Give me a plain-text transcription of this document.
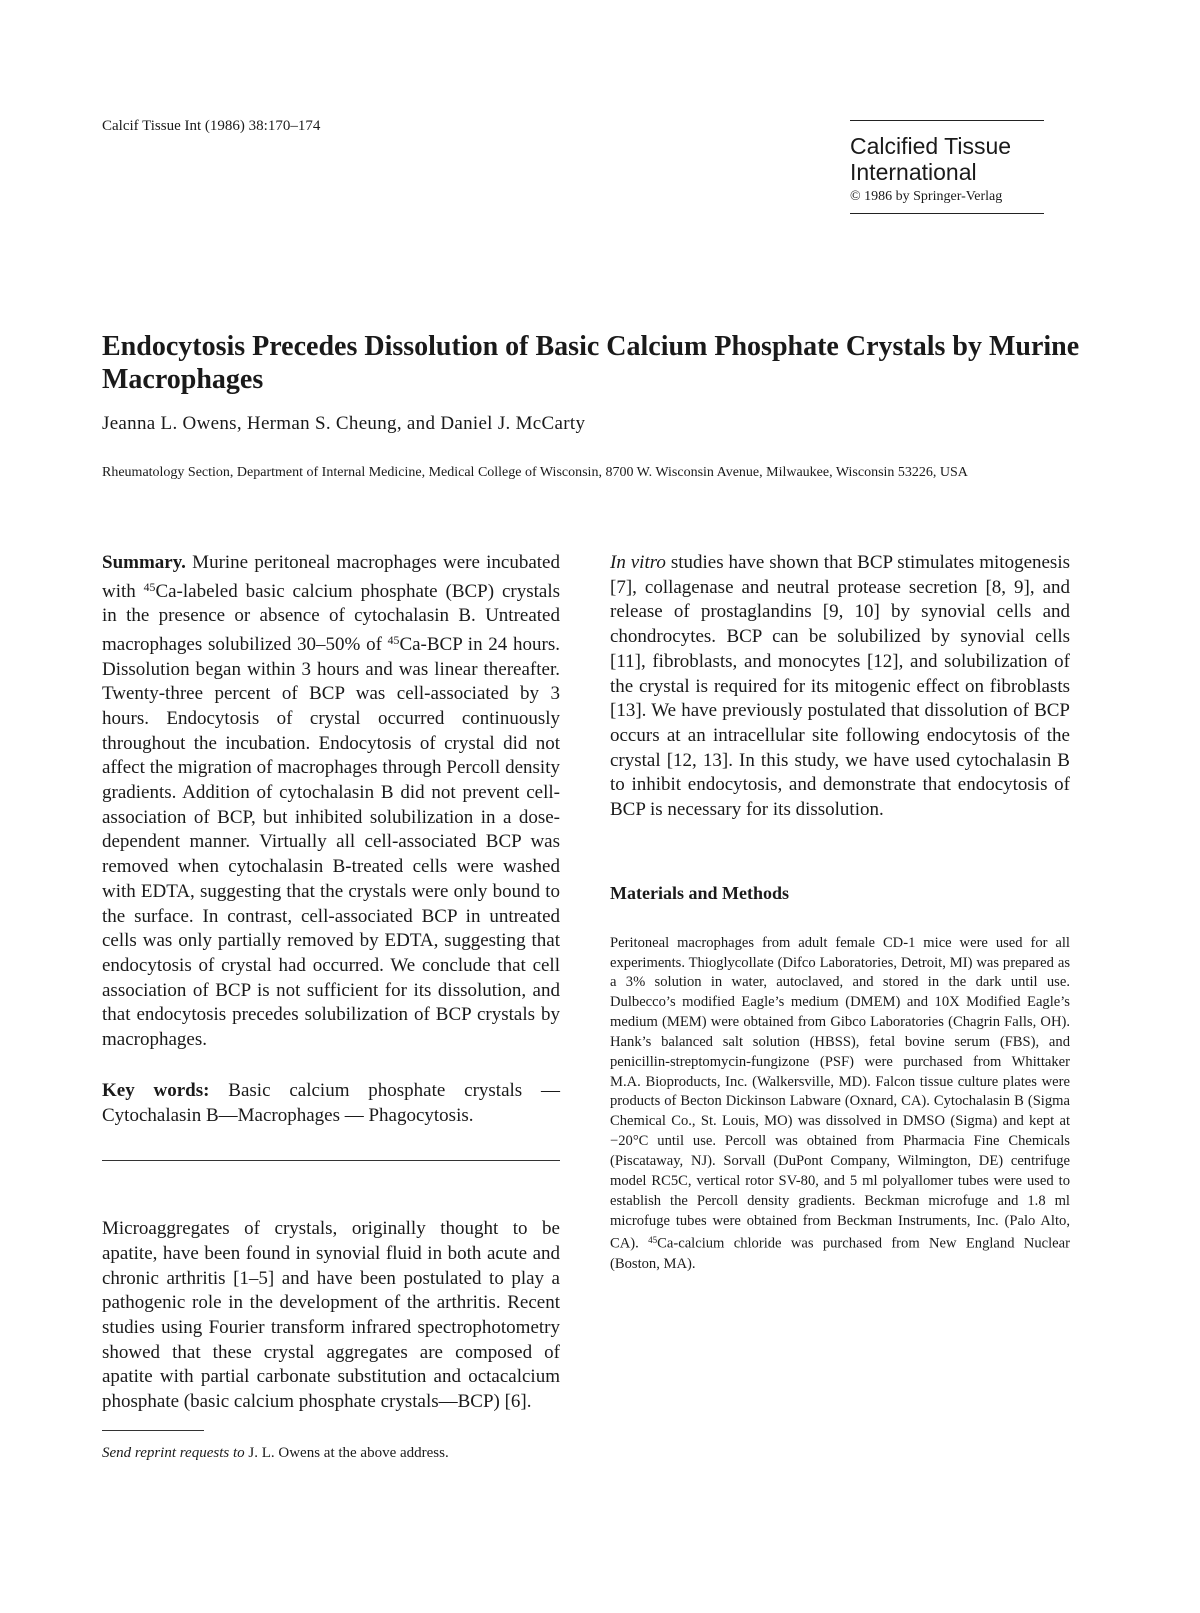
Calcif Tissue Int (1986) 38:170–174
Calcified Tissue
International
© 1986 by Springer-Verlag
Endocytosis Precedes Dissolution of Basic Calcium Phosphate Crystals by Murine Macrophages
Jeanna L. Owens, Herman S. Cheung, and Daniel J. McCarty
Rheumatology Section, Department of Internal Medicine, Medical College of Wisconsin, 8700 W. Wisconsin Avenue, Milwaukee, Wisconsin 53226, USA

Summary. Murine peritoneal macrophages were incubated with $^{45}$Ca-labeled basic calcium phosphate (BCP) crystals in the presence or absence of cytochalasin B. Untreated macrophages solubilized 30–50% of $^{45}$Ca-BCP in 24 hours. Dissolution began within 3 hours and was linear thereafter. Twenty-three percent of BCP was cell-associated by 3 hours. Endocytosis of crystal occurred continuously throughout the incubation. Endocytosis of crystal did not affect the migration of macrophages through Percoll density gradients. Addition of cytochalasin B did not prevent cell-association of BCP, but inhibited solubilization in a dose-dependent manner. Virtually all cell-associated BCP was removed when cytochalasin B-treated cells were washed with EDTA, suggesting that the crystals were only bound to the surface. In contrast, cell-associated BCP in untreated cells was only partially removed by EDTA, suggesting that endocytosis of crystal had occurred. We conclude that cell association of BCP is not sufficient for its dissolution, and that endocytosis precedes solubilization of BCP crystals by macrophages.

Key words: Basic calcium phosphate crystals — Cytochalasin B—Macrophages — Phagocytosis.

Microaggregates of crystals, originally thought to be apatite, have been found in synovial fluid in both acute and chronic arthritis [1–5] and have been postulated to play a pathogenic role in the development of the arthritis. Recent studies using Fourier transform infrared spectrophotometry showed that these crystal aggregates are composed of apatite with partial carbonate substitution and octacalcium phosphate (basic calcium phosphate crystals—BCP) [6].

Send reprint requests to J. L. Owens at the above address.

In vitro studies have shown that BCP stimulates mitogenesis [7], collagenase and neutral protease secretion [8, 9], and release of prostaglandins [9, 10] by synovial cells and chondrocytes. BCP can be solubilized by synovial cells [11], fibroblasts, and monocytes [12], and solubilization of the crystal is required for its mitogenic effect on fibroblasts [13]. We have previously postulated that dissolution of BCP occurs at an intracellular site following endocytosis of the crystal [12, 13]. In this study, we have used cytochalasin B to inhibit endocytosis, and demonstrate that endocytosis of BCP is necessary for its dissolution.

Materials and Methods

Peritoneal macrophages from adult female CD-1 mice were used for all experiments. Thioglycollate (Difco Laboratories, Detroit, MI) was prepared as a 3% solution in water, autoclaved, and stored in the dark until use. Dulbecco’s modified Eagle’s medium (DMEM) and 10X Modified Eagle’s medium (MEM) were obtained from Gibco Laboratories (Chagrin Falls, OH). Hank’s balanced salt solution (HBSS), fetal bovine serum (FBS), and penicillin-streptomycin-fungizone (PSF) were purchased from Whittaker M.A. Bioproducts, Inc. (Walkersville, MD). Falcon tissue culture plates were products of Becton Dickinson Labware (Oxnard, CA). Cytochalasin B (Sigma Chemical Co., St. Louis, MO) was dissolved in DMSO (Sigma) and kept at −20°C until use. Percoll was obtained from Pharmacia Fine Chemicals (Piscataway, NJ). Sorvall (DuPont Company, Wilmington, DE) centrifuge model RC5C, vertical rotor SV-80, and 5 ml polyallomer tubes were used to establish the Percoll density gradients. Beckman microfuge and 1.8 ml microfuge tubes were obtained from Beckman Instruments, Inc. (Palo Alto, CA). $^{45}$Ca-calcium chloride was purchased from New England Nuclear (Boston, MA).
